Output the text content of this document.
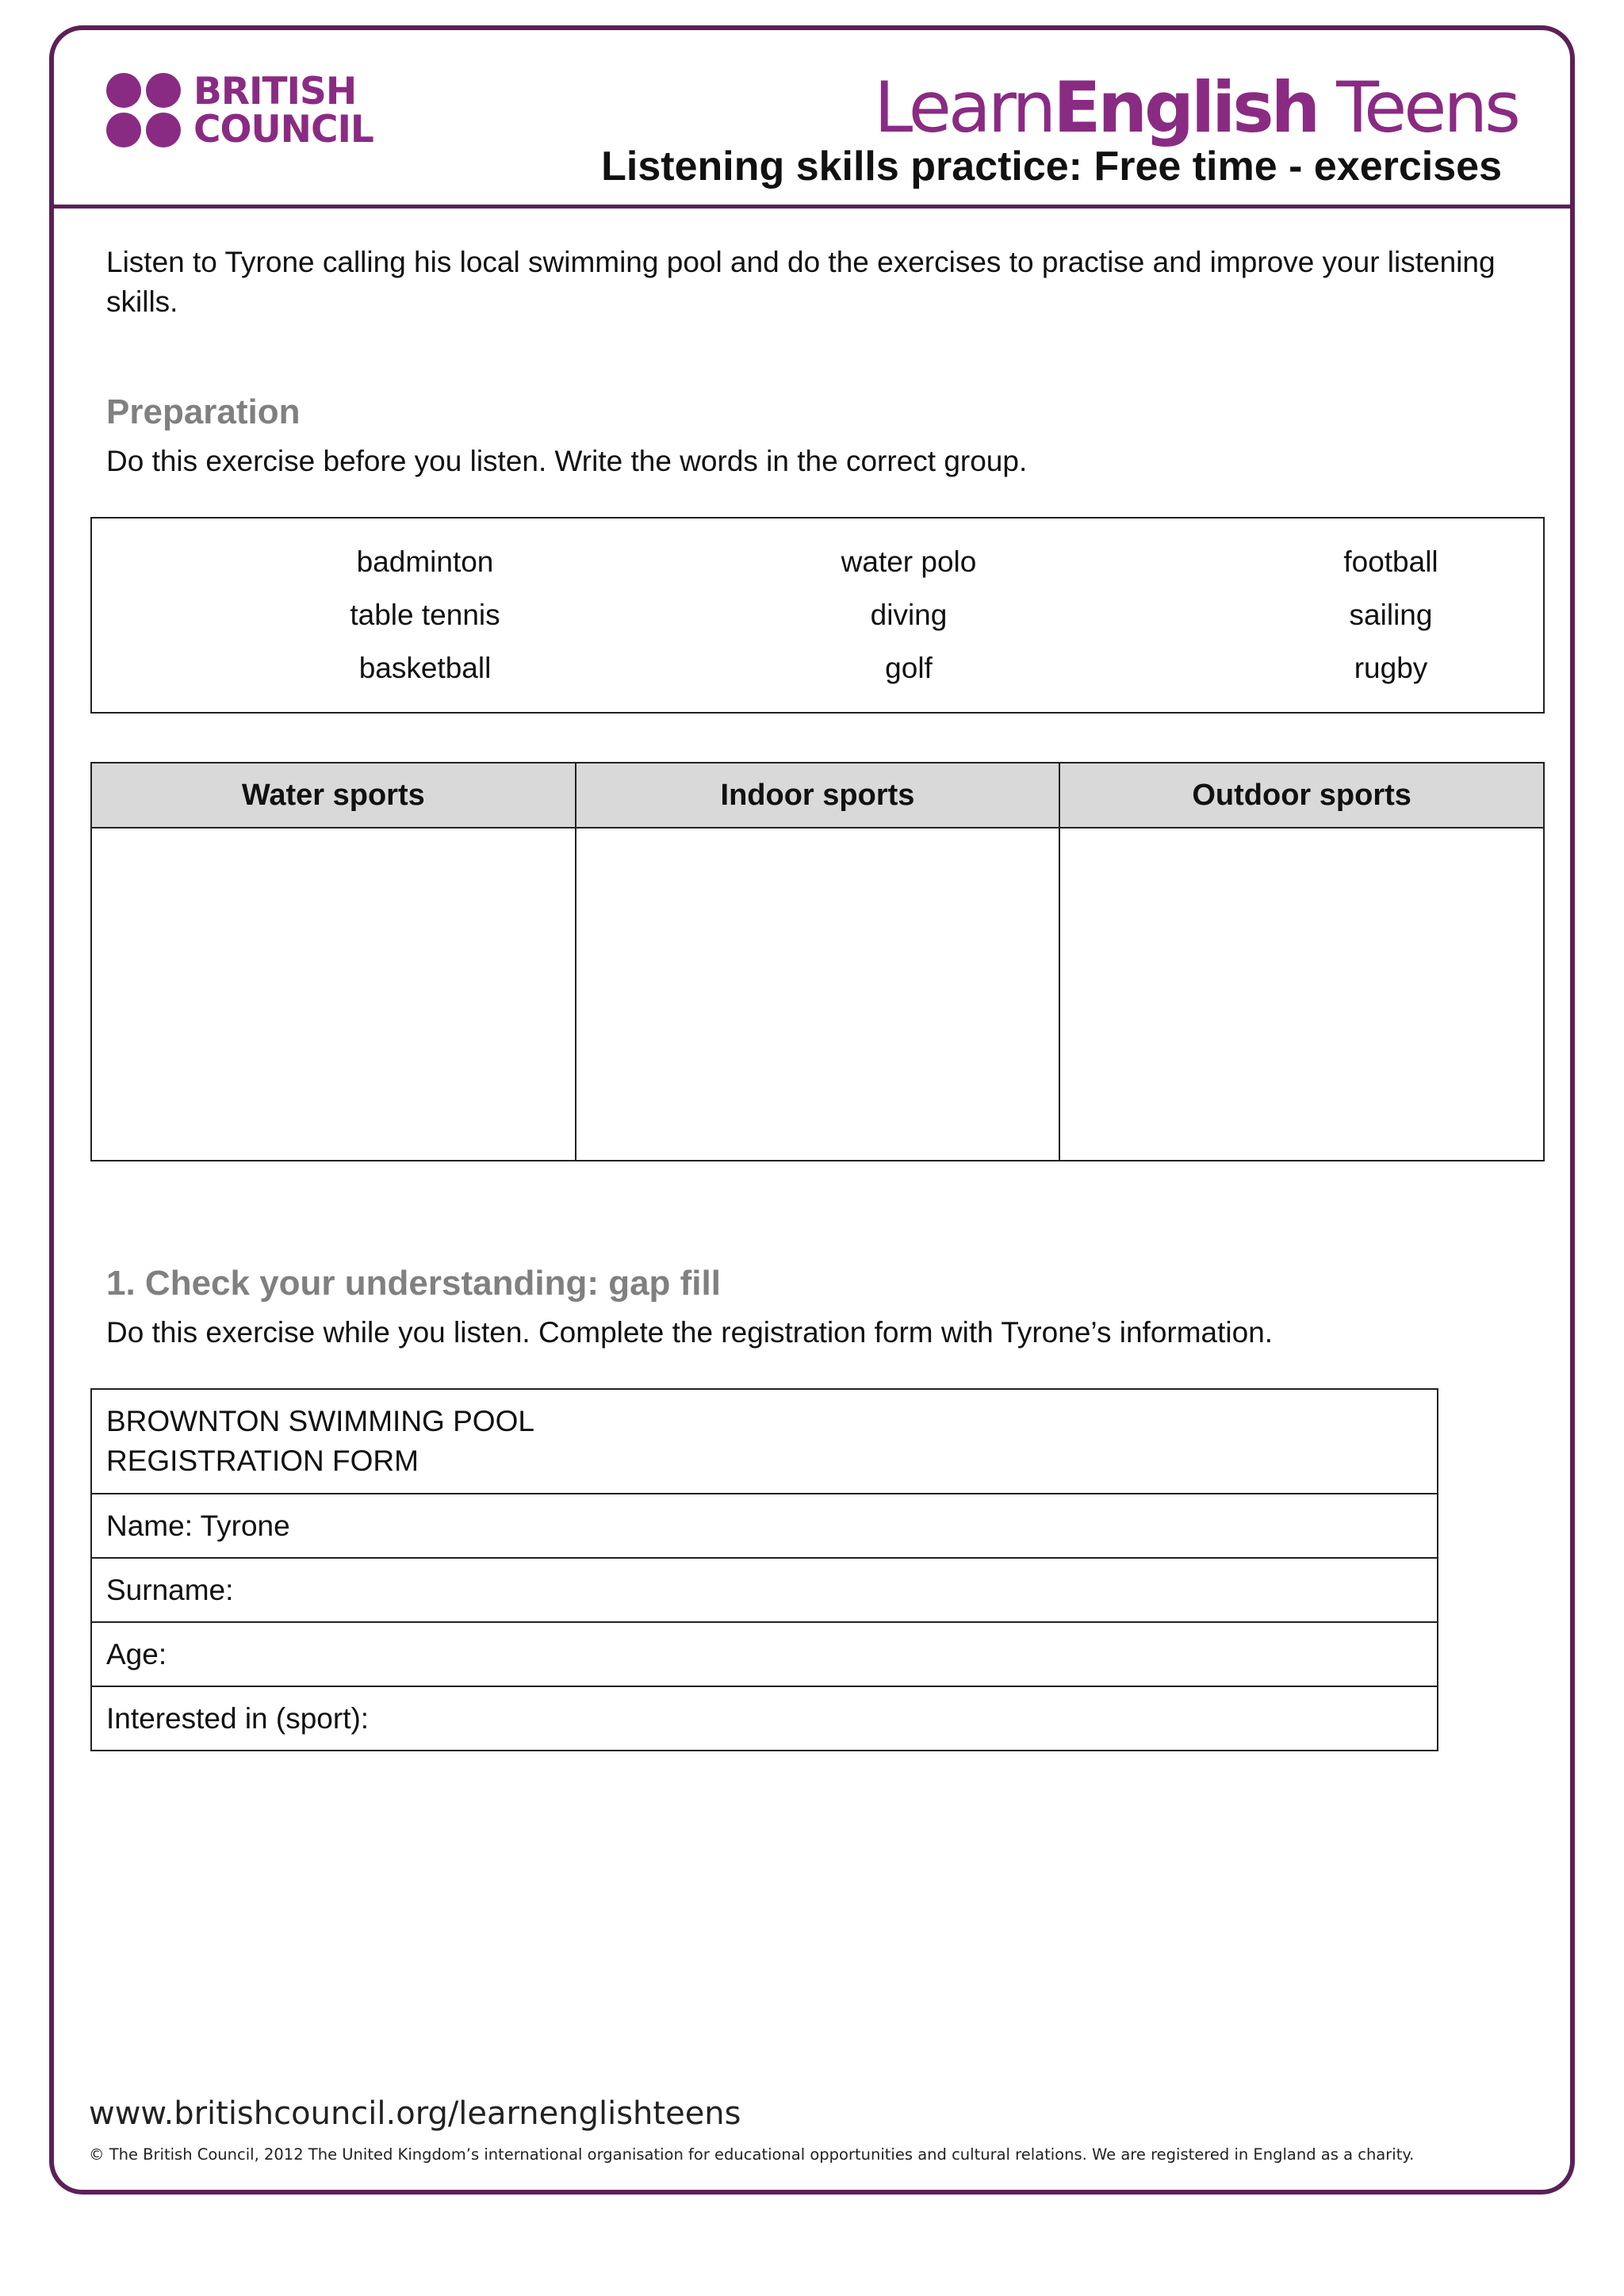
BRITISH COUNCIL	LearnEnglish Teens
Listening skills practice: Free time - exercises
Listen to Tyrone calling his local swimming pool and do the exercises to practise and improve your listening skills.
Preparation
Do this exercise before you listen. Write the words in the correct group.
badminton	water polo	football
table tennis	diving	sailing
basketball	golf	rugby
Water sports	Indoor sports	Outdoor sports

1. Check your understanding: gap fill
Do this exercise while you listen. Complete the registration form with Tyrone’s information.
BROWNTON SWIMMING POOL
REGISTRATION FORM

Name: Tyrone
Surname:
Age:
Interested in (sport):
www.britishcouncil.org/learnenglishteens
© The British Council, 2012 The United Kingdom’s international organisation for educational opportunities and cultural relations. We are registered in England as a charity.
